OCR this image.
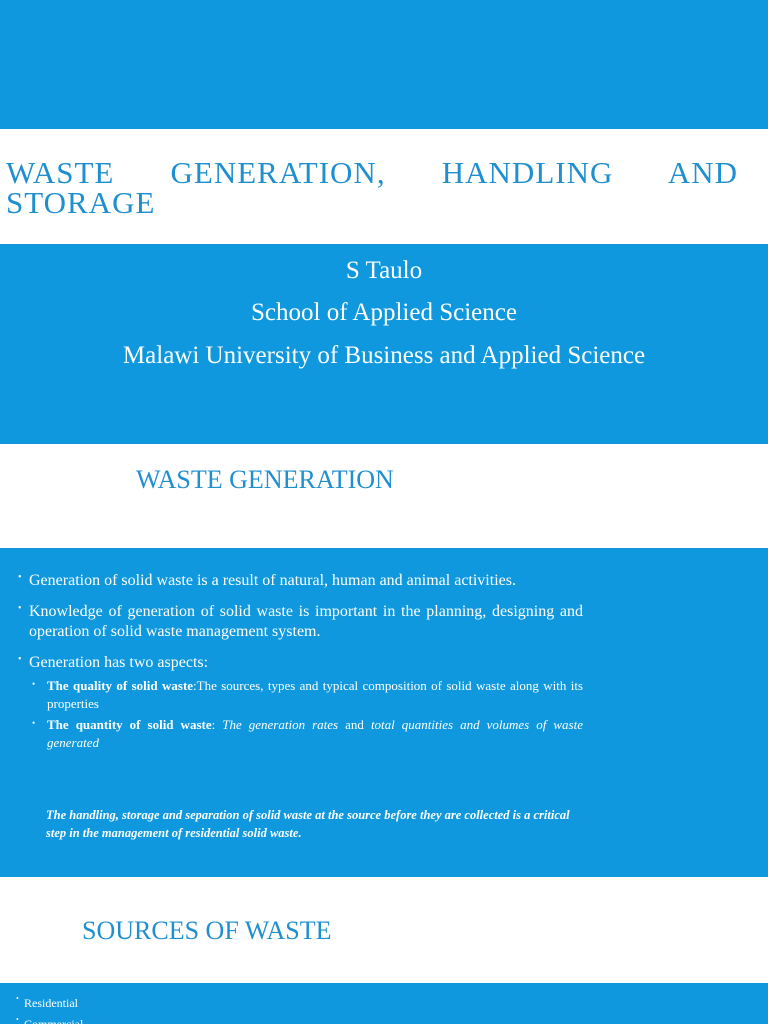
WASTE GENERATION, HANDLING AND STORAGE
S Taulo
School of Applied Science
Malawi University of Business and Applied Science
WASTE GENERATION
• Generation of solid waste is a result of natural, human and animal activities.
• Knowledge of generation of solid waste is important in the planning, designing and operation of solid waste management system.
• Generation has two aspects:
• The quality of solid waste:The sources, types and typical composition of solid waste along with its properties
• The quantity of solid waste: The generation rates and total quantities and volumes of waste generated
The handling, storage and separation of solid waste at the source before they are collected is a critical step in the management of residential solid waste.
SOURCES OF WASTE
• Residential
• Commercial
